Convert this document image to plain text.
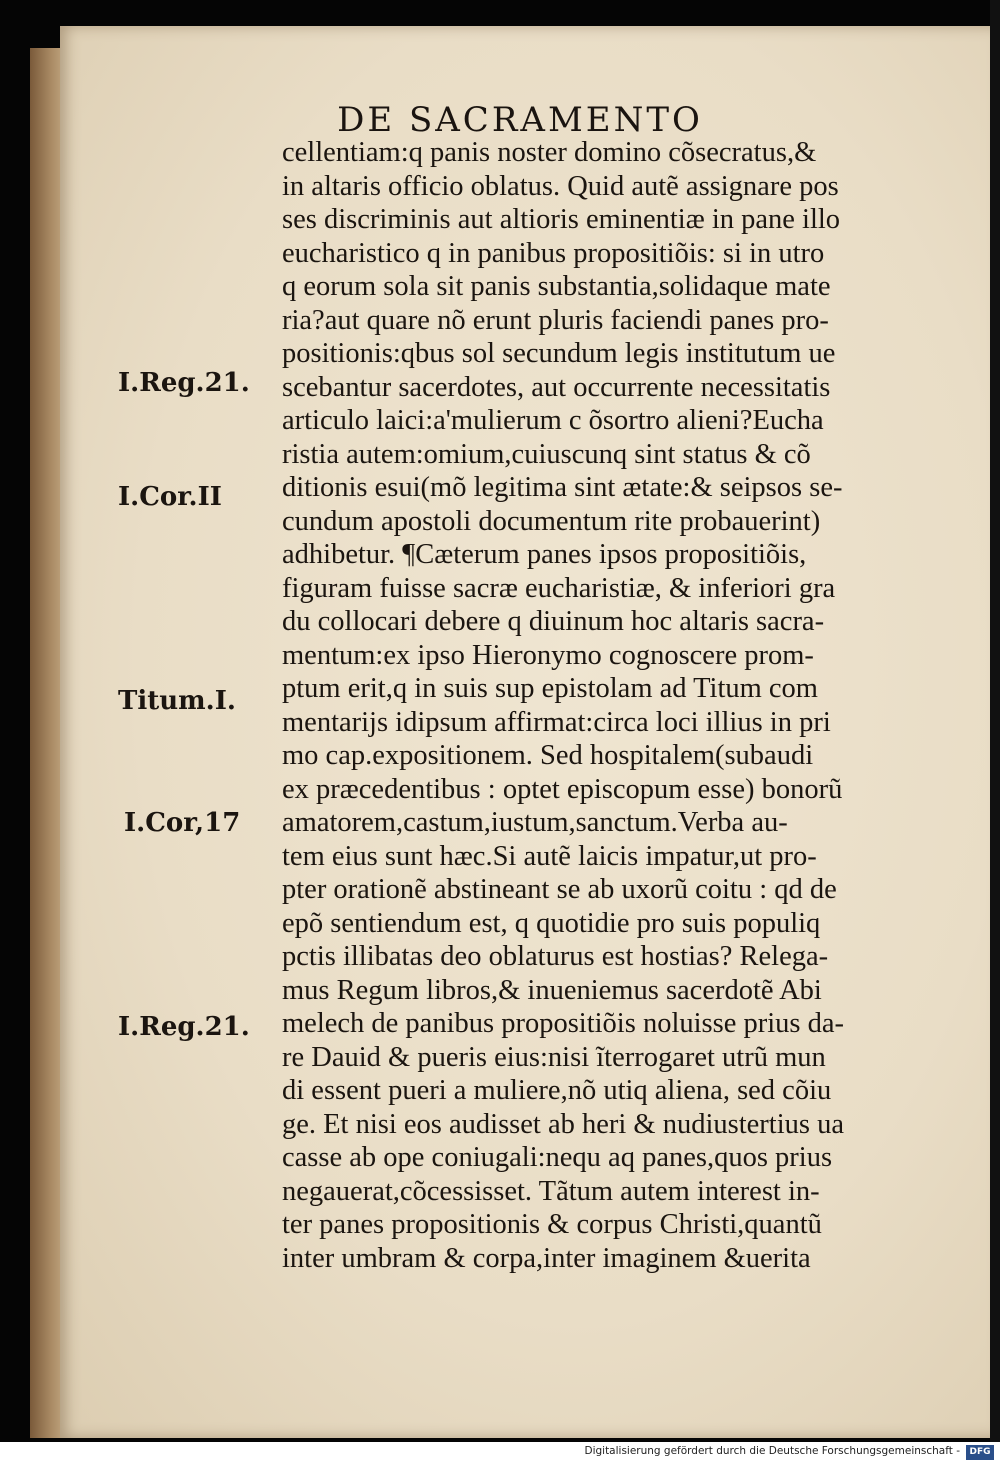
DE SACRAMENTO
cellentiam:q panis noster domino cõsecratus,&
in altaris officio oblatus. Quid autẽ assignare pos
ses discriminis aut altioris eminentiæ in pane illo
eucharistico q in panibus propositiõis: si in utro
q eorum sola sit panis substantia,solidaque mate
ria?aut quare nõ erunt pluris faciendi panes pro-
positionis:qbus sol secundum legis institutum ue
scebantur sacerdotes, aut occurrente necessitatis
articulo laici:a'mulierum c õsortro alieni?Eucha
ristia autem:omium,cuiuscunq sint status & cõ
ditionis esui(mõ legitima sint ætate:& seipsos se-
cundum apostoli documentum rite probauerint)
adhibetur. ¶Cæterum panes ipsos propositiõis,
figuram fuisse sacræ eucharistiæ, & inferiori gra
du collocari debere q diuinum hoc altaris sacra-
mentum:ex ipso Hieronymo cognoscere prom-
ptum erit,q in suis sup epistolam ad Titum com
mentarijs idipsum affirmat:circa loci illius in pri
mo cap.expositionem. Sed hospitalem(subaudi
ex præcedentibus : optet episcopum esse) bonorũ
amatorem,castum,iustum,sanctum.Verba au-
tem eius sunt hæc.Si autẽ laicis impatur,ut pro-
pter orationẽ abstineant se ab uxorũ coitu : qd de
epõ sentiendum est, q quotidie pro suis populiq
pctis illibatas deo oblaturus est hostias? Relega-
mus Regum libros,& inueniemus sacerdotẽ Abi
melech de panibus propositiõis noluisse prius da-
re Dauid & pueris eius:nisi ĩterrogaret utrũ mun
di essent pueri a muliere,nõ utiq aliena, sed cõiu
ge. Et nisi eos audisset ab heri & nudiustertius ua
casse ab ope coniugali:nequ aq panes,quos prius
negauerat,cõcessisset. Tãtum autem interest in-
ter panes propositionis & corpus Christi,quantũ
inter umbram & corpa,inter imaginem &uerita
I.Reg.21.
I.Cor.II
Titum.I.
I.Cor,17
I.Reg.21.
Digitalisierung gefördert durch die Deutsche Forschungsgemeinschaft -	DFG
